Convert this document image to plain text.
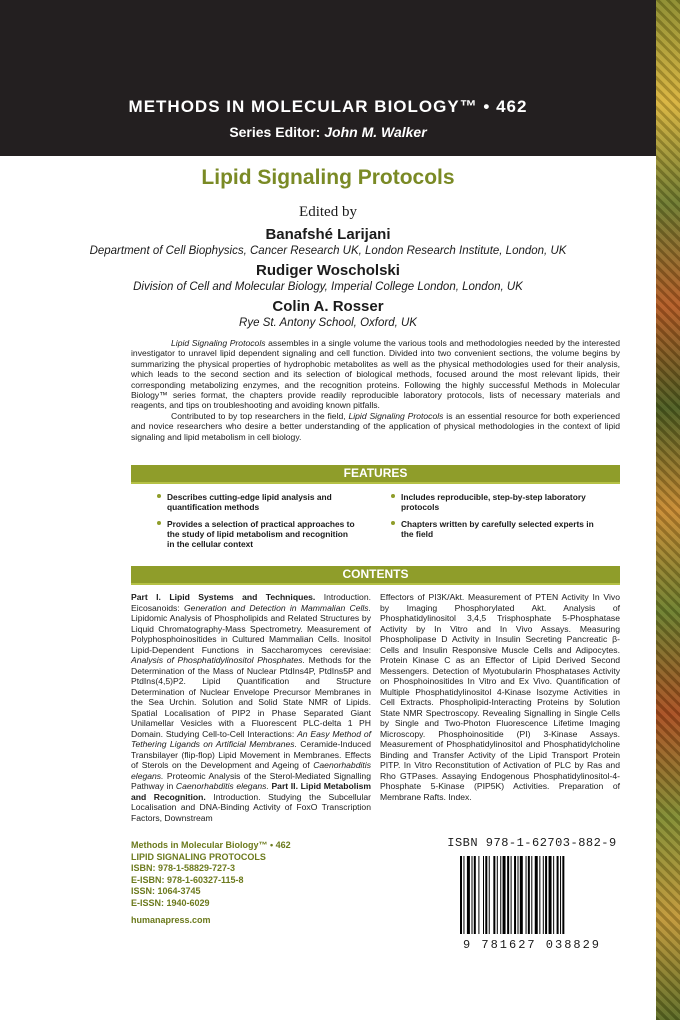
METHODS IN MOLECULAR BIOLOGY™ • 462
Series Editor: John M. Walker
Lipid Signaling Protocols
Edited by
Banafshé Larijani
Department of Cell Biophysics, Cancer Research UK, London Research Institute, London, UK
Rudiger Woscholski
Division of Cell and Molecular Biology, Imperial College London, London, UK
Colin A. Rosser
Rye St. Antony School, Oxford, UK

Lipid Signaling Protocols assembles in a single volume the various tools and methodologies needed by the interested investigator to unravel lipid dependent signaling and cell function. Divided into two convenient sections, the volume begins by summarizing the physical properties of hydrophobic metabolites as well as the physical methodologies used for their analysis, which leads to the second section and its selection of biological methods, focused around the most relevant lipids, their corresponding metabolizing enzymes, and the recognition proteins. Following the highly successful Methods in Molecular Biology™ series format, the chapters provide readily reproducible laboratory protocols, lists of necessary materials and reagents, and tips on troubleshooting and avoiding known pitfalls.

Contributed to by top researchers in the field, Lipid Signaling Protocols is an essential resource for both experienced and novice researchers who desire a better understanding of the application of physical methodologies in the context of lipid signaling and lipid metabolism in cell biology.

FEATURES
Describes cutting-edge lipid analysis and quantification methods
Provides a selection of practical approaches to the study of lipid metabolism and recognition in the cellular context
Includes reproducible, step-by-step laboratory protocols
Chapters written by carefully selected experts in the field
CONTENTS
Part I. Lipid Systems and Techniques. Introduction. Eicosanoids: Generation and Detection in Mammalian Cells. Lipidomic Analysis of Phospholipids and Related Structures by Liquid Chromatography-Mass Spectrometry. Measurement of Polyphosphoinositides in Cultured Mammalian Cells. Inositol Lipid-Dependent Functions in Saccharomyces cerevisiae: Analysis of Phosphatidylinositol Phosphates. Methods for the Determination of the Mass of Nuclear PtdIns4P, PtdIns5P and PtdIns(4,5)P2. Lipid Quantification and Structure Determination of Nuclear Envelope Precursor Membranes in the Sea Urchin. Solution and Solid State NMR of Lipids. Spatial Localisation of PIP2 in Phase Separated Giant Unilamellar Vesicles with a Fluorescent PLC-delta 1 PH Domain. Studying Cell-to-Cell Interactions: An Easy Method of Tethering Ligands on Artificial Membranes. Ceramide-Induced Transbilayer (flip-flop) Lipid Movement in Membranes. Effects of Sterols on the Development and Ageing of Caenorhabditis elegans. Proteomic Analysis of the Sterol-Mediated Signalling Pathway in Caenorhabditis elegans. Part II. Lipid Metabolism and Recognition. Introduction. Studying the Subcellular Localisation and DNA-Binding Activity of FoxO Transcription Factors, Downstream
Effectors of PI3K/Akt. Measurement of PTEN Activity In Vivo by Imaging Phosphorylated Akt. Analysis of Phosphatidylinositol 3,4,5 Trisphosphate 5-Phosphatase Activity by In Vitro and In Vivo Assays. Measuring Phospholipase D Activity in Insulin Secreting Pancreatic β-Cells and Insulin Responsive Muscle Cells and Adipocytes. Protein Kinase C as an Effector of Lipid Derived Second Messengers. Detection of Myotubularin Phosphatases Activity on Phosphoinositides In Vitro and Ex Vivo. Quantification of Multiple Phosphatidylinositol 4-Kinase Isozyme Activities in Cell Extracts. Phospholipid-Interacting Proteins by Solution State NMR Spectroscopy. Revealing Signalling in Single Cells by Single and Two-Photon Fluorescence Lifetime Imaging Microscopy. Phosphoinositide (PI) 3-Kinase Assays. Measurement of Phosphatidylinositol and Phosphatidylcholine Binding and Transfer Activity of the Lipid Transport Protein PITP. In Vitro Reconstitution of Activation of PLC by Ras and Rho GTPases. Assaying Endogenous Phosphatidylinositol-4-Phosphate 5-Kinase (PIP5K) Activities. Preparation of Membrane Rafts. Index.
Methods in Molecular Biology™ • 462
LIPID SIGNALING PROTOCOLS
ISBN: 978-1-58829-727-3
E-ISBN: 978-1-60327-115-8
ISSN: 1064-3745
E-ISSN: 1940-6029
humanapress.com
ISBN 978-1-62703-882-9
9 781627 038829
